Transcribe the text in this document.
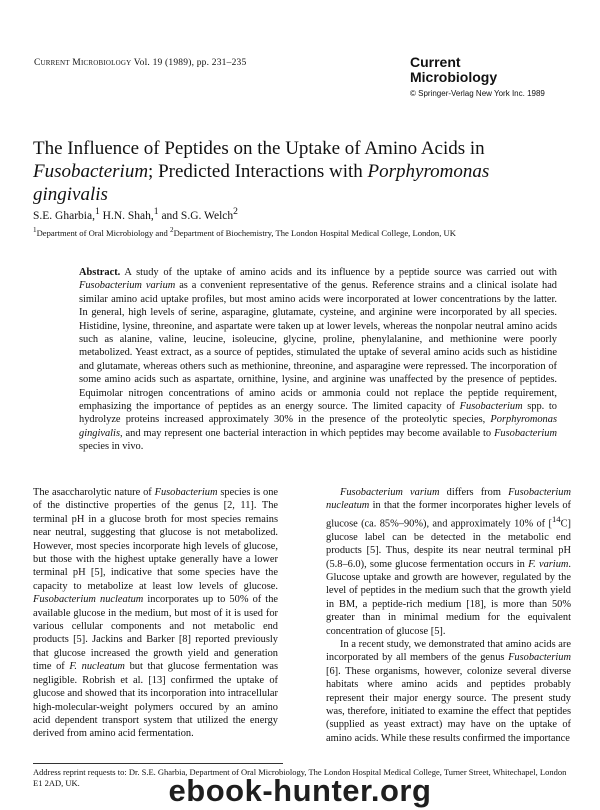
Current Microbiology Vol. 19 (1989), pp. 231–235	Current
Microbiology
© Springer-Verlag New York Inc. 1989
The Influence of Peptides on the Uptake of Amino Acids in
Fusobacterium; Predicted Interactions with Porphyromonas
gingivalis
S.E. Gharbia,$^1$ H.N. Shah,$^1$ and S.G. Welch$^2$
$^1$Department of Oral Microbiology and $^2$Department of Biochemistry, The London Hospital Medical College, London, UK
Abstract. A study of the uptake of amino acids and its influence by a peptide source was carried out with Fusobacterium varium as a convenient representative of the genus. Reference strains and a clinical isolate had similar amino acid uptake profiles, but most amino acids were incorporated at lower concentrations by the latter. In general, high levels of serine, asparagine, glutamate, cysteine, and arginine were incorporated by all species. Histidine, lysine, threonine, and aspartate were taken up at lower levels, whereas the nonpolar neutral amino acids such as alanine, valine, leucine, isoleucine, glycine, proline, phenylalanine, and methionine were poorly metabolized. Yeast extract, as a source of peptides, stimulated the uptake of several amino acids such as histidine and glutamate, whereas others such as methionine, threonine, and asparagine were repressed. The incorporation of some amino acids such as aspartate, ornithine, lysine, and arginine was unaffected by the presence of peptides. Equimolar nitrogen concentrations of amino acids or ammonia could not replace the peptide requirement, emphasizing the importance of peptides as an energy source. The limited capacity of Fusobacterium spp. to hydrolyze proteins increased approximately 30% in the presence of the proteolytic species, Porphyromonas gingivalis, and may represent one bacterial interaction in which peptides may become available to Fusobacterium species in vivo.

The asaccharolytic nature of Fusobacterium species is one of the distinctive properties of the genus [2, 11]. The terminal pH in a glucose broth for most species remains near neutral, suggesting that glucose is not metabolized. However, most species incorporate high levels of glucose, but those with the highest uptake generally have a lower terminal pH [5], indicative that some species have the capacity to metabolize at least low levels of glucose. Fusobacterium nucleatum incorporates up to 50% of the available glucose in the medium, but most of it is used for various cellular components and not metabolic end products [5]. Jackins and Barker [8] reported previously that glucose increased the growth yield and generation time of F. nucleatum but that glucose fermentation was negligible. Robrish et al. [13] confirmed the uptake of glucose and showed that its incorporation into intracellular high-molecular-weight polymers occured by an amino acid dependent transport system that utilized the energy derived from amino acid fermentation.

Fusobacterium varium differs from Fusobacterium nucleatum in that the former incorporates higher levels of glucose (ca. 85%–90%), and approximately 10% of [$^{14}$C] glucose label can be detected in the metabolic end products [5]. Thus, despite its near neutral terminal pH (5.8–6.0), some glucose fermentation occurs in F. varium. Glucose uptake and growth are however, regulated by the level of peptides in the medium such that the growth yield in BM, a peptide-rich medium [18], is more than 50% greater than in minimal medium for the equivalent concentration of glucose [5].

In a recent study, we demonstrated that amino acids are incorporated by all members of the genus Fusobacterium [6]. These organisms, however, colonize several diverse habitats where amino acids and peptides probably represent their major energy source. The present study was, therefore, initiated to examine the effect that peptides (supplied as yeast extract) may have on the uptake of amino acids. While these results confirmed the importance

Address reprint requests to: Dr. S.E. Gharbia, Department of Oral Microbiology, The London Hospital Medical College, Turner Street, Whitechapel, London E1 2AD, UK.	ebook-hunter.org
